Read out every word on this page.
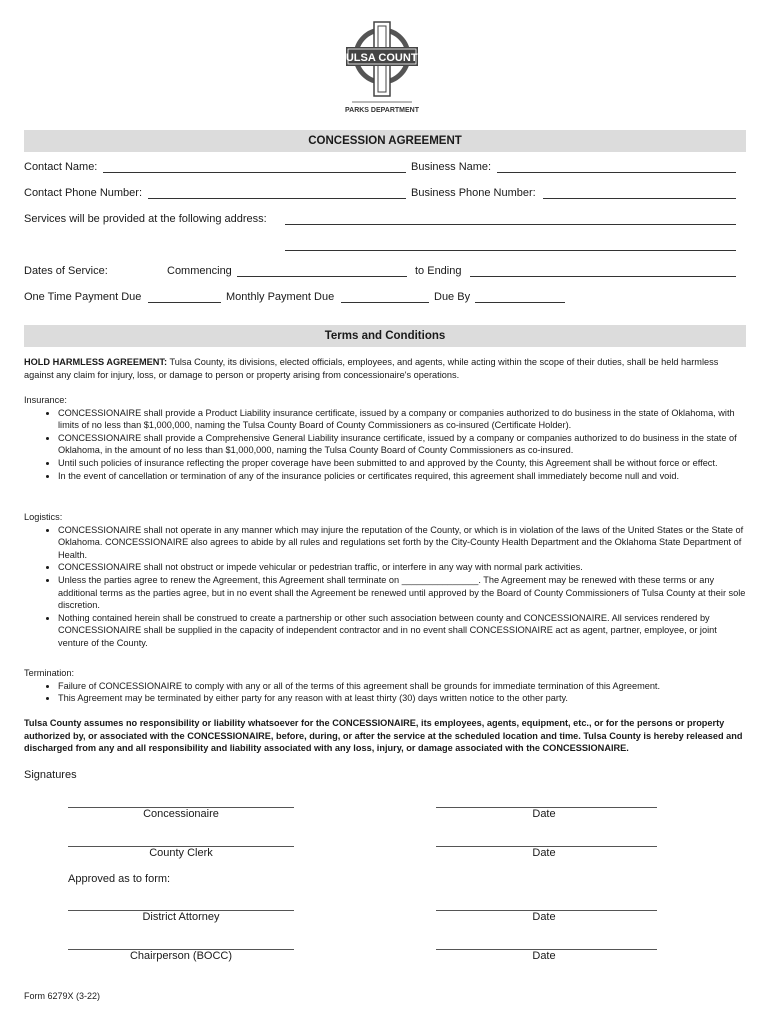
TULSA COUNTY
PARKS DEPARTMENT
CONCESSION AGREEMENT
Contact Name:	Business Name:
Contact Phone Number:	Business Phone Number:
Services will be provided at the following address:
Dates of Service:	Commencing	to Ending
One Time Payment Due	Monthly Payment Due	Due By
Terms and Conditions

HOLD HARMLESS AGREEMENT: Tulsa County, its divisions, elected officials, employees, and agents, while acting within the scope of their duties, shall be held harmless against any claim for injury, loss, or damage to person or property arising from concessionaire's operations.

Insurance:
• CONCESSIONAIRE shall provide a Product Liability insurance certificate, issued by a company or companies authorized to do business in the state of Oklahoma, with limits of no less than $1,000,000, naming the Tulsa County Board of County Commissioners as co-insured (Certificate Holder).
• CONCESSIONAIRE shall provide a Comprehensive General Liability insurance certificate, issued by a company or companies authorized to do business in the state of Oklahoma, in the amount of no less than $1,000,000, naming the Tulsa County Board of County Commissioners as co-insured.
• Until such policies of insurance reflecting the proper coverage have been submitted to and approved by the County, this Agreement shall be without force or effect.
• In the event of cancellation or termination of any of the insurance policies or certificates required, this agreement shall immediately become null and void.
Logistics:
• CONCESSIONAIRE shall not operate in any manner which may injure the reputation of the County, or which is in violation of the laws of the United States or the State of Oklahoma. CONCESSIONAIRE also agrees to abide by all rules and regulations set forth by the City-County Health Department and the Oklahoma State Department of Health.
• CONCESSIONAIRE shall not obstruct or impede vehicular or pedestrian traffic, or interfere in any way with normal park activities.
• Unless the parties agree to renew the Agreement, this Agreement shall terminate on _______________. The Agreement may be renewed with these terms or any additional terms as the parties agree, but in no event shall the Agreement be renewed until approved by the Board of County Commissioners of Tulsa County at their sole discretion.
• Nothing contained herein shall be construed to create a partnership or other such association between county and CONCESSIONAIRE. All services rendered by CONCESSIONAIRE shall be supplied in the capacity of independent contractor and in no event shall CONCESSIONAIRE act as agent, partner, employee, or joint venture of the County.
Termination:
• Failure of CONCESSIONAIRE to comply with any or all of the terms of this agreement shall be grounds for immediate termination of this Agreement.
• This Agreement may be terminated by either party for any reason with at least thirty (30) days written notice to the other party.
Tulsa County assumes no responsibility or liability whatsoever for the CONCESSIONAIRE, its employees, agents, equipment, etc., or for the persons or property authorized by, or associated with the CONCESSIONAIRE, before, during, or after the service at the scheduled location and time. Tulsa County is hereby released and discharged from any and all responsibility and liability associated with any loss, injury, or damage associated with the CONCESSIONAIRE.
Signatures
Concessionaire	Date
County Clerk	Date
Approved as to form:
District Attorney	Date
Chairperson (BOCC)	Date
Form 6279X (3-22)
